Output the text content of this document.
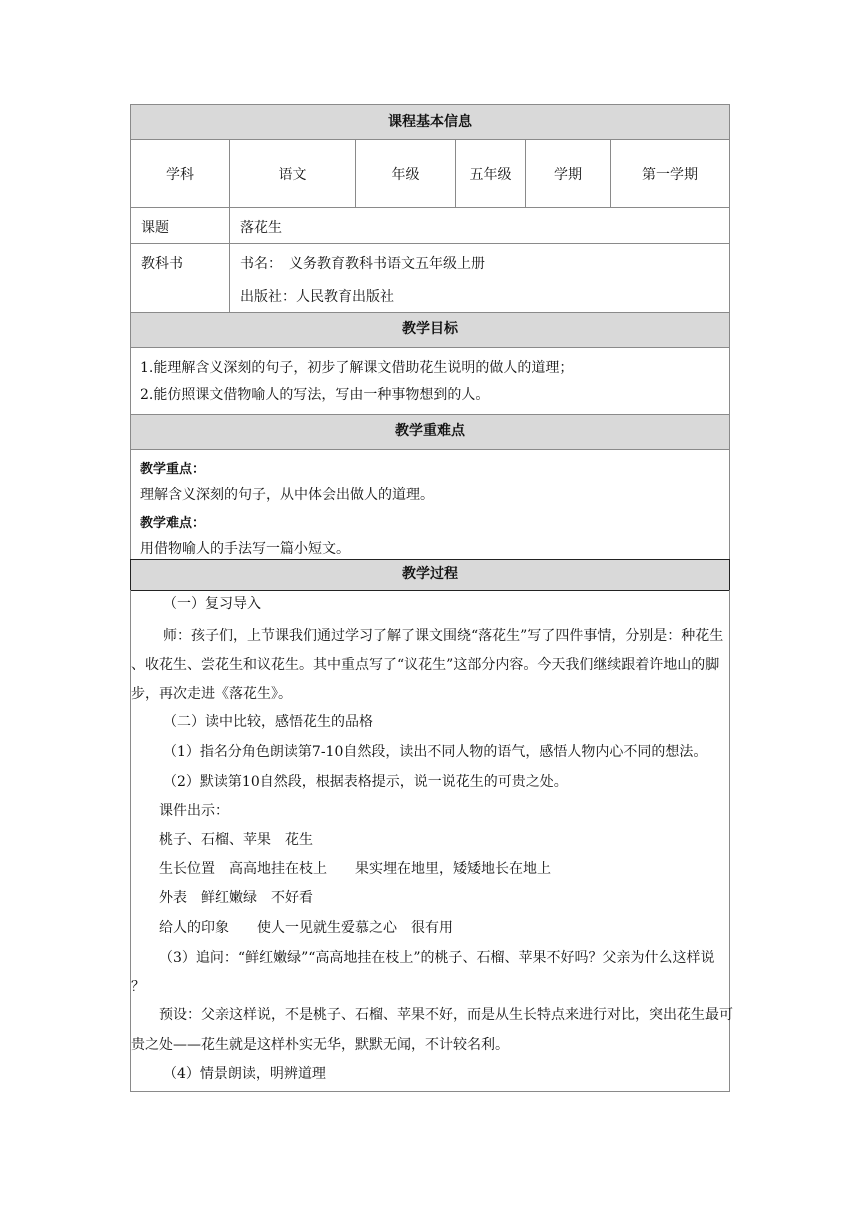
课程基本信息
学科	语文	年级	五年级	学期	第一学期
课题	落花生
教科书	书名：　义务教育教科书语文五年级上册
出版社：人民教育出版社
教学目标
1.能理解含义深刻的句子，初步了解课文借助花生说明的做人的道理；
2.能仿照课文借物喻人的写法，写由一种事物想到的人。
教学重难点
教学重点：
理解含义深刻的句子，从中体会出做人的道理。
教学难点：
用借物喻人的手法写一篇小短文。
教学过程
（一）复习导入
师：孩子们，上节课我们通过学习了解了课文围绕“落花生”写了四件事情，分别是：种花生
、收花生、尝花生和议花生。其中重点写了“议花生”这部分内容。今天我们继续跟着许地山的脚
步，再次走进《落花生》。
（二）读中比较，感悟花生的品格
（1）指名分角色朗读第7-10自然段，读出不同人物的语气，感悟人物内心不同的想法。
（2）默读第10自然段，根据表格提示，说一说花生的可贵之处。
课件出示：
桃子、石榴、苹果　花生
生长位置　高高地挂在枝上　　果实埋在地里，矮矮地长在地上
外表　鲜红嫩绿　不好看
给人的印象　　使人一见就生爱慕之心　很有用
（3）追问：“鲜红嫩绿”“高高地挂在枝上”的桃子、石榴、苹果不好吗？父亲为什么这样说
？
预设：父亲这样说，不是桃子、石榴、苹果不好，而是从生长特点来进行对比，突出花生最可
贵之处——花生就是这样朴实无华，默默无闻，不计较名利。
（4）情景朗读，明辨道理
